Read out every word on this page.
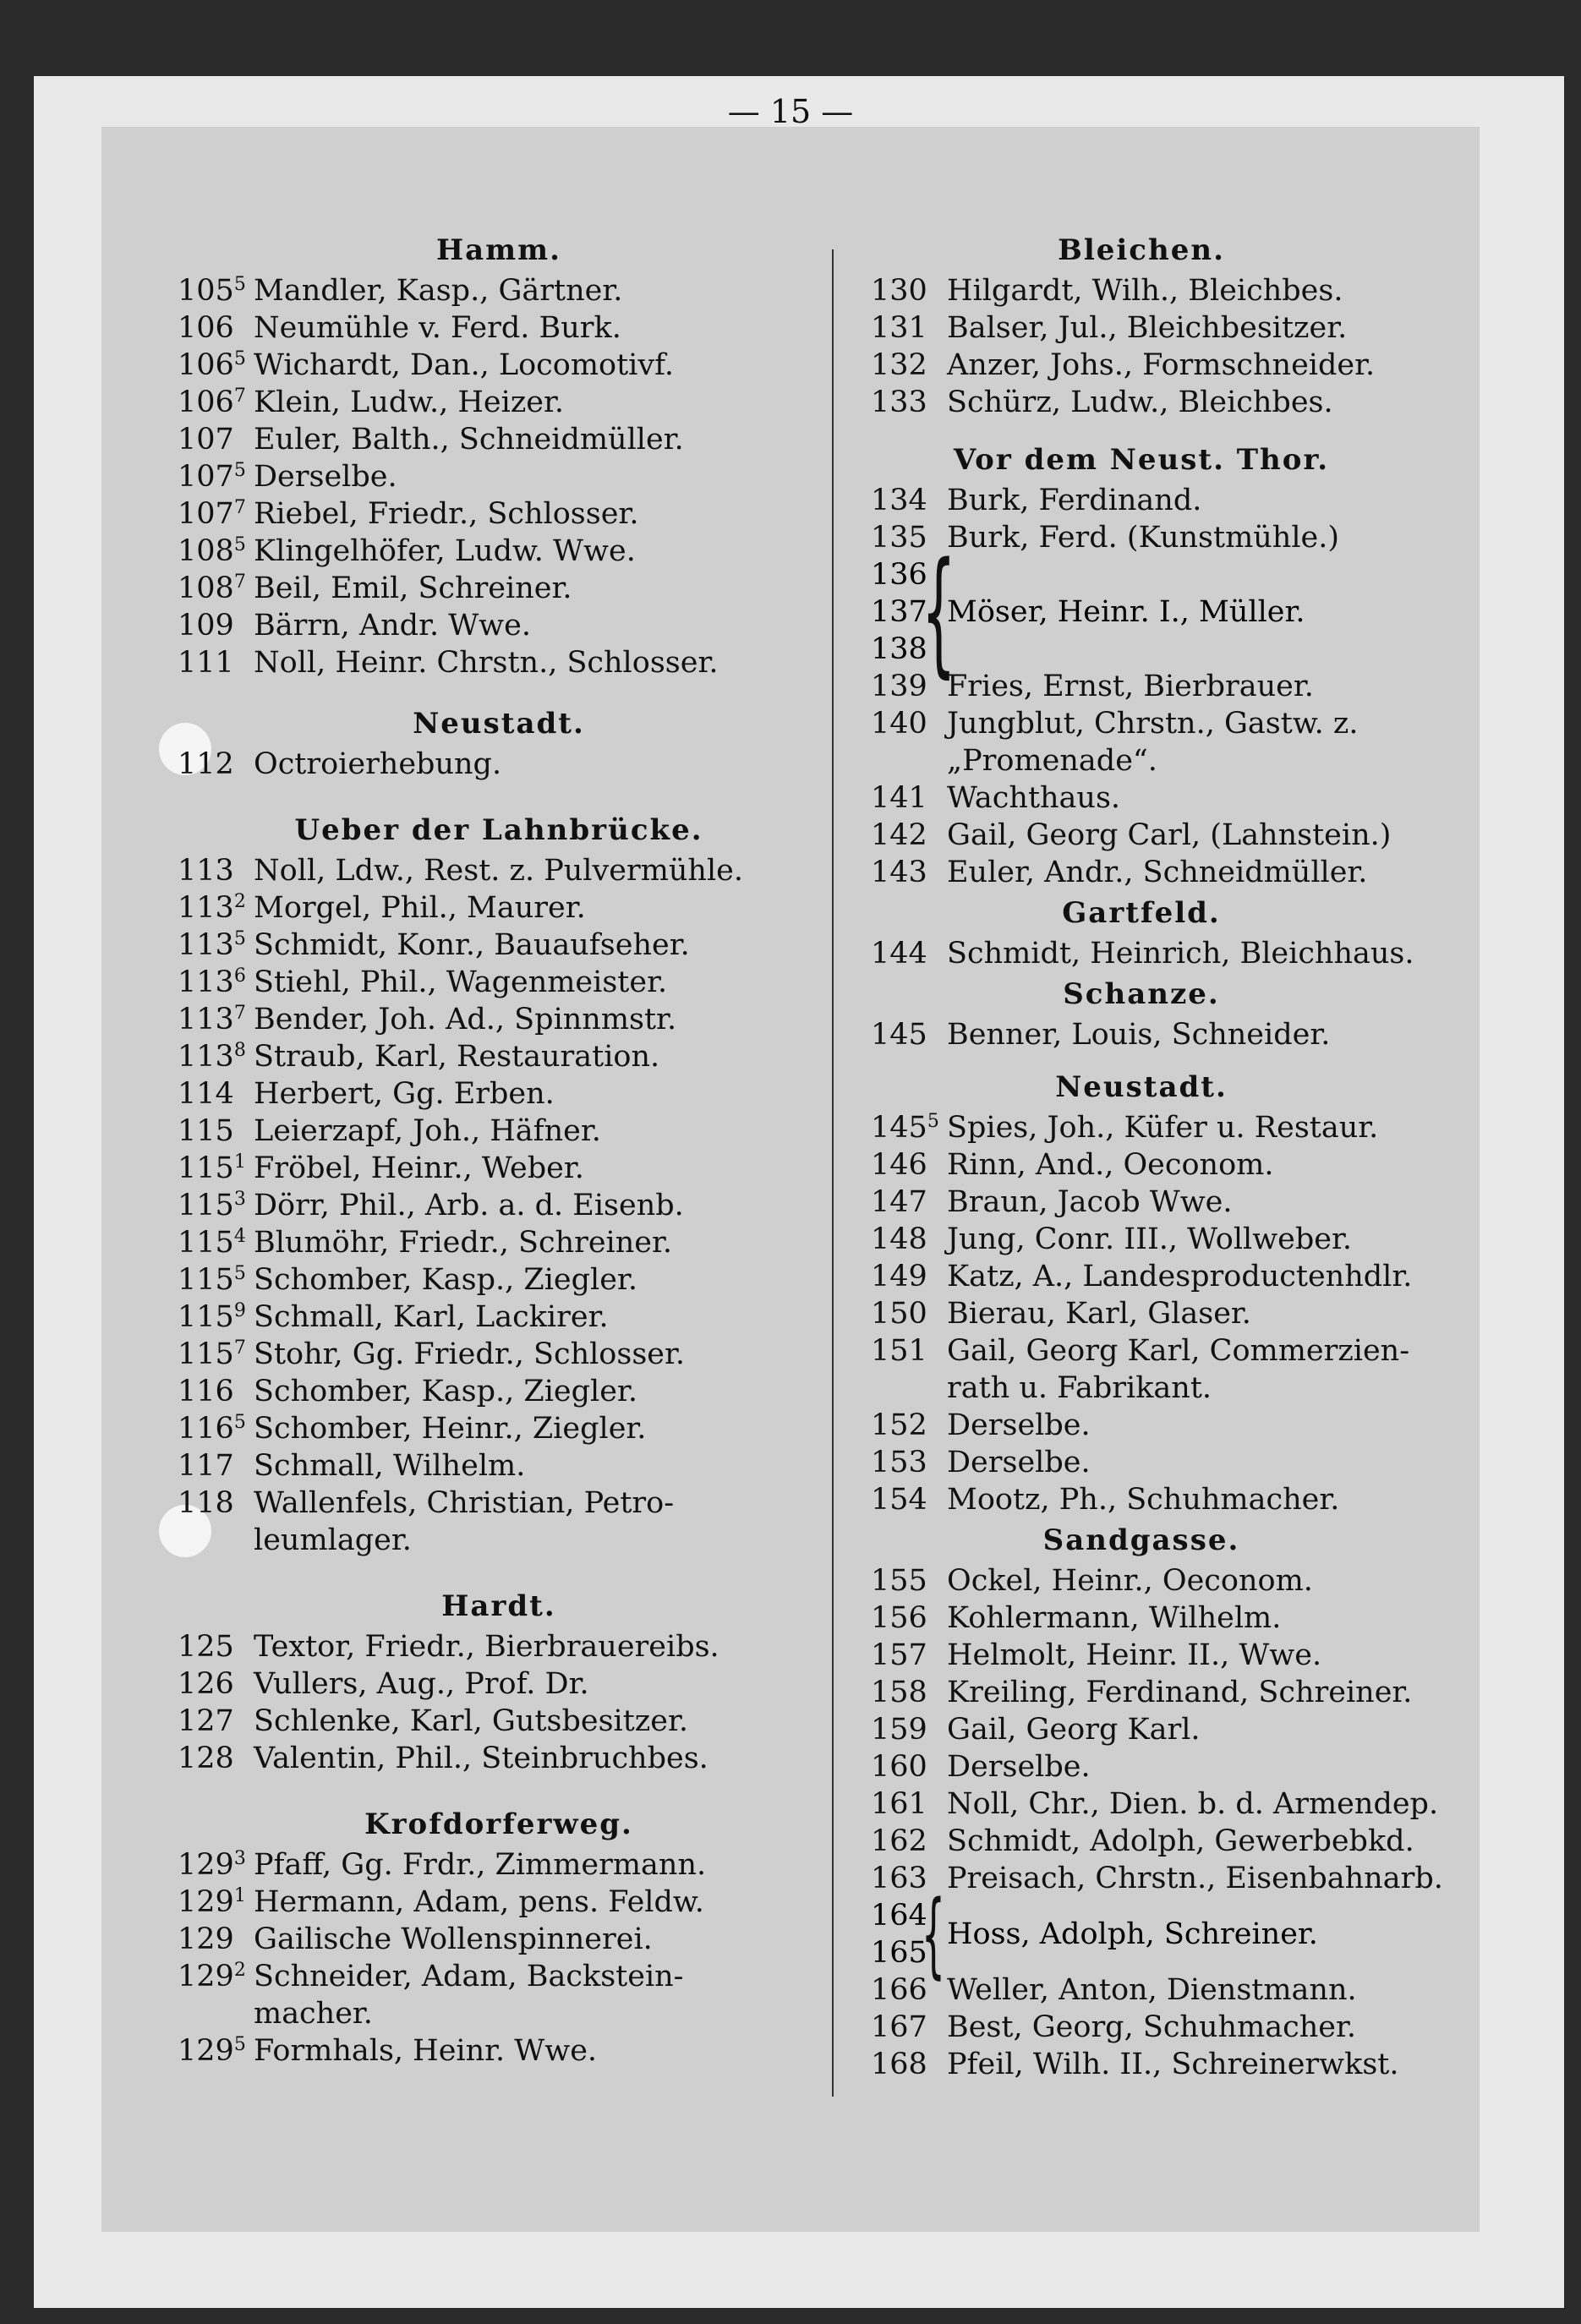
— 15 —
Hamm.
$105^5$ Mandler, Kasp., Gärtner.
106 Neumühle v. Ferd. Burk.
$106^5$ Wichardt, Dan., Locomotivf.
$106^7$ Klein, Ludw., Heizer.
107 Euler, Balth., Schneidmüller.
$107^5$ Derselbe.
$107^7$ Riebel, Friedr., Schlosser.
$108^5$ Klingelhöfer, Ludw. Wwe.
$108^7$ Beil, Emil, Schreiner.
109 Bärrn, Andr. Wwe.
111 Noll, Heinr. Chrstn., Schlosser.
Neustadt.
112 Octroierhebung.
Ueber der Lahnbrücke.
113 Noll, Ldw., Rest. z. Pulvermühle.
$113^2$ Morgel, Phil., Maurer.
$113^5$ Schmidt, Konr., Bauaufseher.
$113^6$ Stiehl, Phil., Wagenmeister.
$113^7$ Bender, Joh. Ad., Spinnmstr.
$113^8$ Straub, Karl, Restauration.
114 Herbert, Gg. Erben.
115 Leierzapf, Joh., Häfner.
$115^1$ Fröbel, Heinr., Weber.
$115^3$ Dörr, Phil., Arb. a. d. Eisenb.
$115^4$ Blumöhr, Friedr., Schreiner.
$115^5$ Schomber, Kasp., Ziegler.
$115^9$ Schmall, Karl, Lackirer.
$115^7$ Stohr, Gg. Friedr., Schlosser.
116 Schomber, Kasp., Ziegler.
$116^5$ Schomber, Heinr., Ziegler.
117 Schmall, Wilhelm.
118 Wallenfels, Christian, Petro-
leumlager.
Hardt.
125 Textor, Friedr., Bierbrauereibs.
126 Vullers, Aug., Prof. Dr.
127 Schlenke, Karl, Gutsbesitzer.
128 Valentin, Phil., Steinbruchbes.
Krofdorferweg.
$129^3$ Pfaff, Gg. Frdr., Zimmermann.
$129^1$ Hermann, Adam, pens. Feldw.
129 Gailische Wollenspinnerei.
$129^2$ Schneider, Adam, Backstein-
macher.
$129^5$ Formhals, Heinr. Wwe.
Bleichen.
130 Hilgardt, Wilh., Bleichbes.
131 Balser, Jul., Bleichbesitzer.
132 Anzer, Johs., Formschneider.
133 Schürz, Ludw., Bleichbes.
Vor dem Neust. Thor.
134 Burk, Ferdinand.
135 Burk, Ferd. (Kunstmühle.)
136
137
138
{
Möser, Heinr. I., Müller.
139 Fries, Ernst, Bierbrauer.
140 Jungblut, Chrstn., Gastw. z.
„Promenade“.
141 Wachthaus.
142 Gail, Georg Carl, (Lahnstein.)
143 Euler, Andr., Schneidmüller.
Gartfeld.
144 Schmidt, Heinrich, Bleichhaus.
Schanze.
145 Benner, Louis, Schneider.
Neustadt.
$145^5$ Spies, Joh., Küfer u. Restaur.
146 Rinn, And., Oeconom.
147 Braun, Jacob Wwe.
148 Jung, Conr. III., Wollweber.
149 Katz, A., Landesproductenhdlr.
150 Bierau, Karl, Glaser.
151 Gail, Georg Karl, Commerzien-
rath u. Fabrikant.
152 Derselbe.
153 Derselbe.
154 Mootz, Ph., Schuhmacher.
Sandgasse.
155 Ockel, Heinr., Oeconom.
156 Kohlermann, Wilhelm.
157 Helmolt, Heinr. II., Wwe.
158 Kreiling, Ferdinand, Schreiner.
159 Gail, Georg Karl.
160 Derselbe.
161 Noll, Chr., Dien. b. d. Armendep.
162 Schmidt, Adolph, Gewerbebkd.
163 Preisach, Chrstn., Eisenbahnarb.
164
165
{ Hoss, Adolph, Schreiner.
166 Weller, Anton, Dienstmann.
167 Best, Georg, Schuhmacher.
168 Pfeil, Wilh. II., Schreinerwkst.
